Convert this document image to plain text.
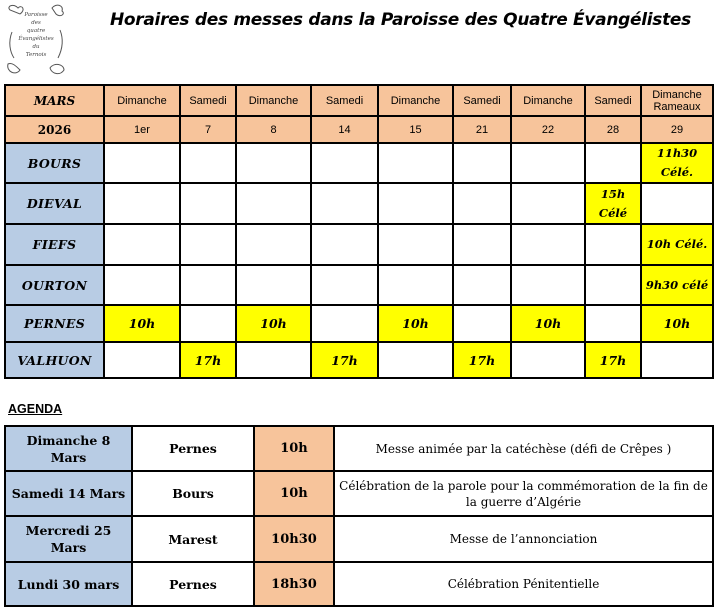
Paroisse
des
quatre
Évangélistes
du
Ternois
Horaires des messes dans la Paroisse des Quatre Évangélistes
MARS	Dimanche	Samedi	Dimanche	Samedi	Dimanche	Samedi	Dimanche	Samedi	Dimanche Rameaux
2026	1er	7	8	14	15	21	22	28	29
BOURS									11h30 Célé.
DIEVAL								15h Célé	
FIEFS									10h Célé.
OURTON									9h30 célé
PERNES	10h		10h		10h		10h		10h
VALHUON		17h		17h		17h		17h	
AGENDA
Dimanche 8 Mars	Pernes	10h	Messe animée par la catéchèse (défi de Crêpes )
Samedi 14 Mars	Bours	10h	Célébration de la parole pour la commémoration de la fin de la guerre d’Algérie
Mercredi 25 Mars	Marest	10h30	Messe de l’annonciation
Lundi 30 mars	Pernes	18h30	Célébration Pénitentielle
